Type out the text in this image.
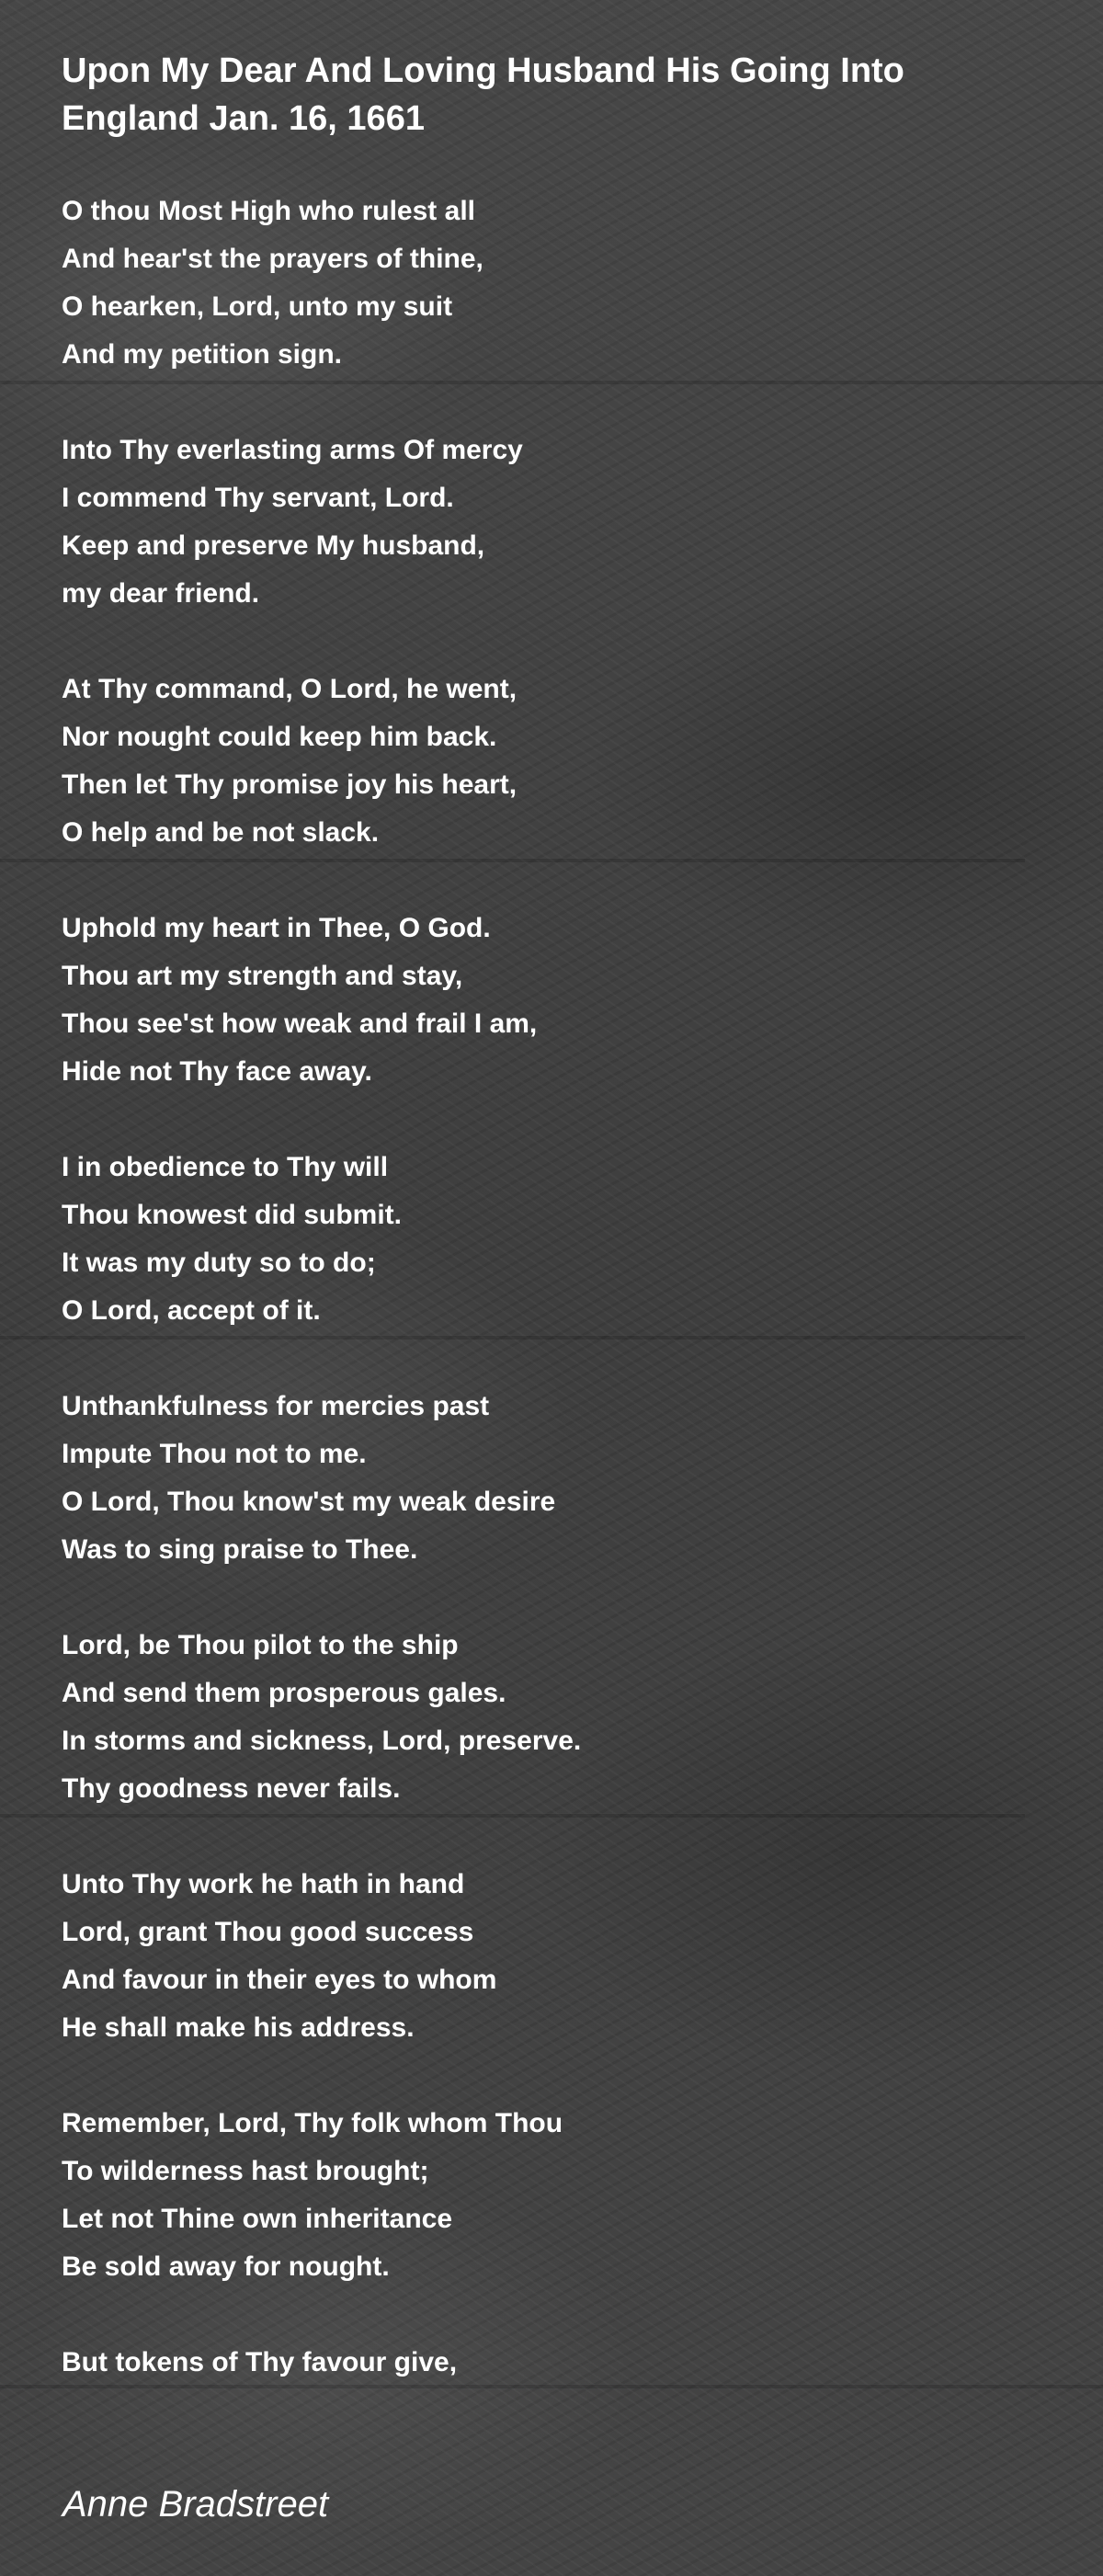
Upon My Dear And Loving Husband His Going Into England Jan. 16, 1661
O thou Most High who rulest all
And hear'st the prayers of thine,
O hearken, Lord, unto my suit
And my petition sign.
Into Thy everlasting arms Of mercy
I commend Thy servant, Lord.
Keep and preserve My husband,
my dear friend.
At Thy command, O Lord, he went,
Nor nought could keep him back.
Then let Thy promise joy his heart,
O help and be not slack.
Uphold my heart in Thee, O God.
Thou art my strength and stay,
Thou see'st how weak and frail I am,
Hide not Thy face away.
I in obedience to Thy will
Thou knowest did submit.
It was my duty so to do;
O Lord, accept of it.
Unthankfulness for mercies past
Impute Thou not to me.
O Lord, Thou know'st my weak desire
Was to sing praise to Thee.
Lord, be Thou pilot to the ship
And send them prosperous gales.
In storms and sickness, Lord, preserve.
Thy goodness never fails.
Unto Thy work he hath in hand
Lord, grant Thou good success
And favour in their eyes to whom
He shall make his address.
Remember, Lord, Thy folk whom Thou
To wilderness hast brought;
Let not Thine own inheritance
Be sold away for nought.
But tokens of Thy favour give,

Anne Bradstreet
